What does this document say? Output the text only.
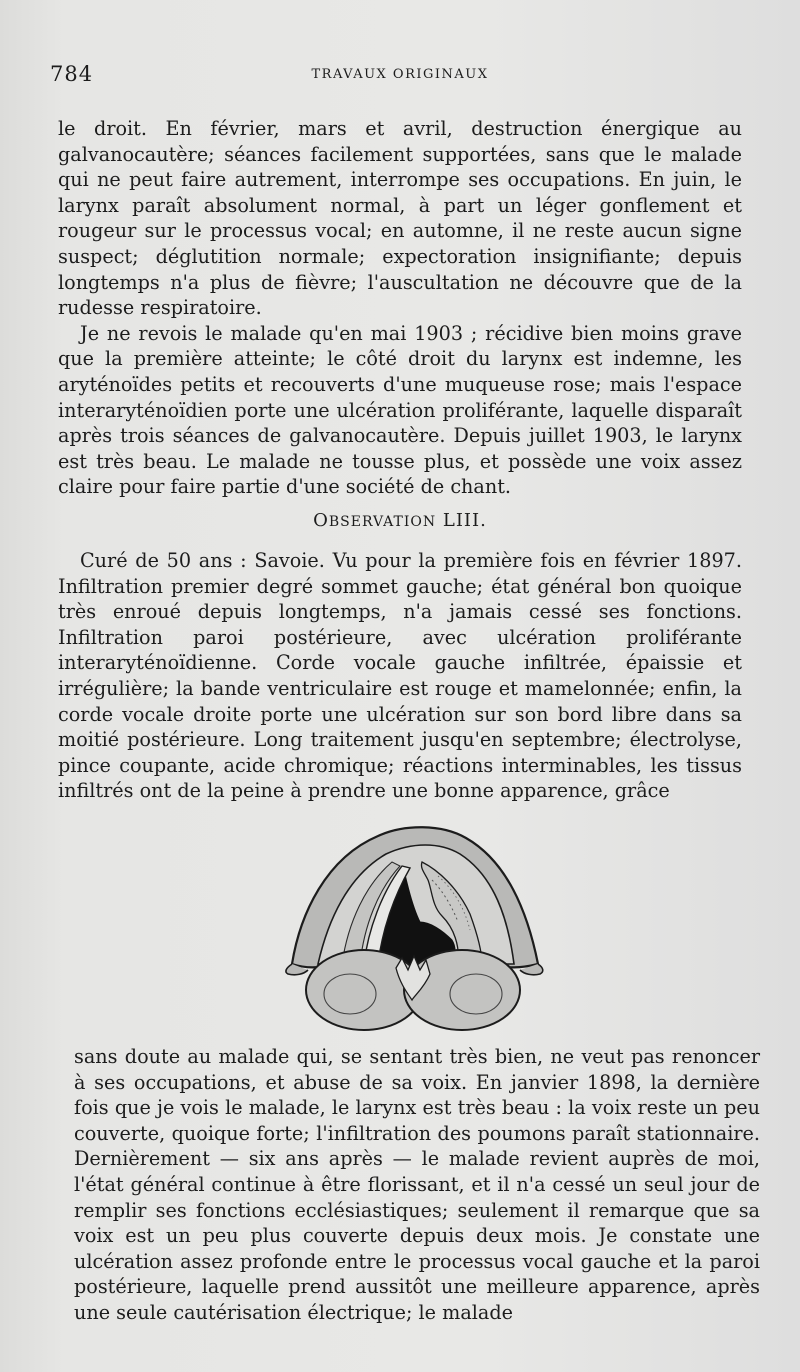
784	TRAVAUX ORIGINAUX

le droit. En février, mars et avril, destruction énergique au galvanocautère; séances facilement supportées, sans que le malade qui ne peut faire autrement, interrompe ses occupations. En juin, le larynx paraît absolument normal, à part un léger gonflement et rougeur sur le processus vocal; en automne, il ne reste aucun signe suspect; déglutition normale; expectoration insignifiante; depuis longtemps n'a plus de fièvre; l'auscultation ne découvre que de la rudesse respiratoire.

Je ne revois le malade qu'en mai 1903 ; récidive bien moins grave que la première atteinte; le côté droit du larynx est indemne, les aryténoïdes petits et recouverts d'une muqueuse rose; mais l'espace interaryténoïdien porte une ulcération proliférante, laquelle disparaît après trois séances de galvanocautère. Depuis juillet 1903, le larynx est très beau. Le malade ne tousse plus, et possède une voix assez claire pour faire partie d'une société de chant.

OBSERVATION LIII.

Curé de 50 ans : Savoie. Vu pour la première fois en février 1897. Infiltration premier degré sommet gauche; état général bon quoique très enroué depuis longtemps, n'a jamais cessé ses fonctions. Infiltration paroi postérieure, avec ulcération proliférante interaryténoïdienne. Corde vocale gauche infiltrée, épaissie et irrégulière; la bande ventriculaire est rouge et mamelonnée; enfin, la corde vocale droite porte une ulcération sur son bord libre dans sa moitié postérieure. Long traitement jusqu'en septembre; électrolyse, pince coupante, acide chromique; réactions interminables, les tissus infiltrés ont de la peine à prendre une bonne apparence, grâce

sans doute au malade qui, se sentant très bien, ne veut pas renoncer à ses occupations, et abuse de sa voix. En janvier 1898, la dernière fois que je vois le malade, le larynx est très beau : la voix reste un peu couverte, quoique forte; l'infiltration des poumons paraît stationnaire. Dernièrement — six ans après — le malade revient auprès de moi, l'état général continue à être florissant, et il n'a cessé un seul jour de remplir ses fonctions ecclésiastiques; seulement il remarque que sa voix est un peu plus couverte depuis deux mois. Je constate une ulcération assez profonde entre le processus vocal gauche et la paroi postérieure, laquelle prend aussitôt une meilleure apparence, après une seule cautérisation électrique; le malade
